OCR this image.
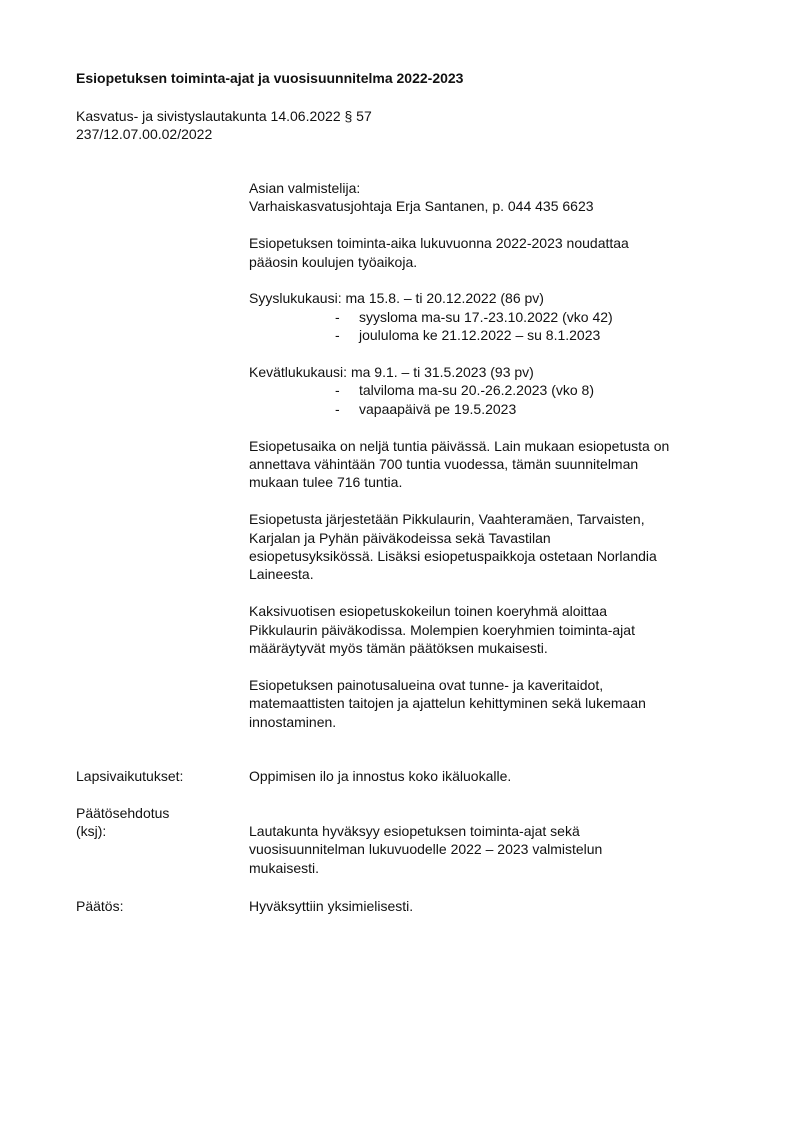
Esiopetuksen toiminta-ajat ja vuosisuunnitelma 2022-2023
Kasvatus- ja sivistyslautakunta 14.06.2022 § 57
237/12.07.00.02/2022
Asian valmistelija:
Varhaiskasvatusjohtaja Erja Santanen, p. 044 435 6623
Esiopetuksen toiminta-aika lukuvuonna 2022-2023 noudattaa
pääosin koulujen työaikoja.
Syyslukukausi: ma 15.8. – ti 20.12.2022 (86 pv)
- syysloma ma-su 17.-23.10.2022 (vko 42)
- joululoma ke 21.12.2022 – su 8.1.2023
Kevätlukukausi: ma 9.1. – ti 31.5.2023 (93 pv)
- talviloma ma-su 20.-26.2.2023 (vko 8)
- vapaapäivä pe 19.5.2023
Esiopetusaika on neljä tuntia päivässä. Lain mukaan esiopetusta on
annettava vähintään 700 tuntia vuodessa, tämän suunnitelman
mukaan tulee 716 tuntia.
Esiopetusta järjestetään Pikkulaurin, Vaahteramäen, Tarvaisten,
Karjalan ja Pyhän päiväkodeissa sekä Tavastilan
esiopetusyksikössä. Lisäksi esiopetuspaikkoja ostetaan Norlandia
Laineesta.
Kaksivuotisen esiopetuskokeilun toinen koeryhmä aloittaa
Pikkulaurin päiväkodissa. Molempien koeryhmien toiminta-ajat
määräytyvät myös tämän päätöksen mukaisesti.
Esiopetuksen painotusalueina ovat tunne- ja kaveritaidot,
matemaattisten taitojen ja ajattelun kehittyminen sekä lukemaan
innostaminen.
Lapsivaikutukset:	Oppimisen ilo ja innostus koko ikäluokalle.
Päätösehdotus
(ksj):	Lautakunta hyväksyy esiopetuksen toiminta-ajat sekä
vuosisuunnitelman lukuvuodelle 2022 – 2023 valmistelun
mukaisesti.
Päätös:	Hyväksyttiin yksimielisesti.
